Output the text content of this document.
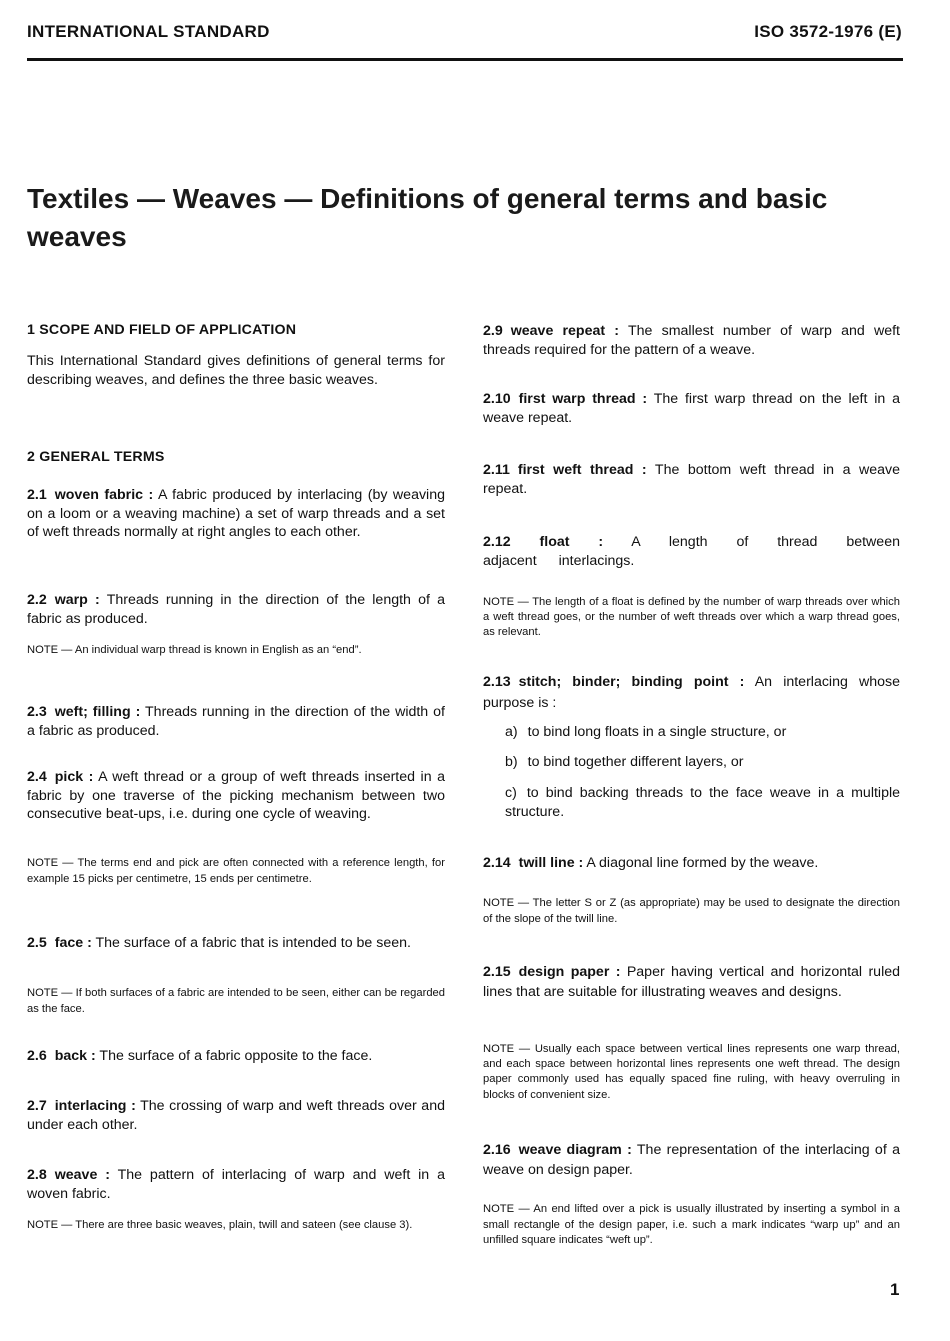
INTERNATIONAL STANDARD	ISO 3572-1976 (E)
Textiles — Weaves — Definitions of general terms and basic weaves
1 SCOPE AND FIELD OF APPLICATION
This International Standard gives definitions of general terms for describing weaves, and defines the three basic weaves.
2 GENERAL TERMS
2.1 woven fabric : A fabric produced by interlacing (by weaving on a loom or a weaving machine) a set of warp threads and a set of weft threads normally at right angles to each other.
2.2 warp : Threads running in the direction of the length of a fabric as produced.
NOTE — An individual warp thread is known in English as an “end”.
2.3 weft; filling : Threads running in the direction of the width of a fabric as produced.
2.4 pick : A weft thread or a group of weft threads inserted in a fabric by one traverse of the picking mechanism between two consecutive beat-ups, i.e. during one cycle of weaving.
NOTE — The terms end and pick are often connected with a reference length, for example 15 picks per centimetre, 15 ends per centimetre.
2.5 face : The surface of a fabric that is intended to be seen.
NOTE — If both surfaces of a fabric are intended to be seen, either can be regarded as the face.
2.6 back : The surface of a fabric opposite to the face.
2.7 interlacing : The crossing of warp and weft threads over and under each other.
2.8 weave : The pattern of interlacing of warp and weft in a woven fabric.
NOTE — There are three basic weaves, plain, twill and sateen (see clause 3).
2.9 weave repeat : The smallest number of warp and weft threads required for the pattern of a weave.
2.10 first warp thread : The first warp thread on the left in a weave repeat.
2.11 first weft thread : The bottom weft thread in a weave repeat.
2.12 float : A length of thread between adjacent interlacings.
NOTE — The length of a float is defined by the number of warp threads over which a weft thread goes, or the number of weft threads over which a warp thread goes, as relevant.
2.13 stitch; binder; binding point : An interlacing whose purpose is :
a) to bind long floats in a single structure, or
b) to bind together different layers, or
c) to bind backing threads to the face weave in a multiple structure.
2.14 twill line : A diagonal line formed by the weave.
NOTE — The letter S or Z (as appropriate) may be used to designate the direction of the slope of the twill line.
2.15 design paper : Paper having vertical and horizontal ruled lines that are suitable for illustrating weaves and designs.
NOTE — Usually each space between vertical lines represents one warp thread, and each space between horizontal lines represents one weft thread. The design paper commonly used has equally spaced fine ruling, with heavy overruling in blocks of convenient size.
2.16 weave diagram : The representation of the interlacing of a weave on design paper.
NOTE — An end lifted over a pick is usually illustrated by inserting a symbol in a small rectangle of the design paper, i.e. such a mark indicates “warp up” and an unfilled square indicates “weft up”.
1
